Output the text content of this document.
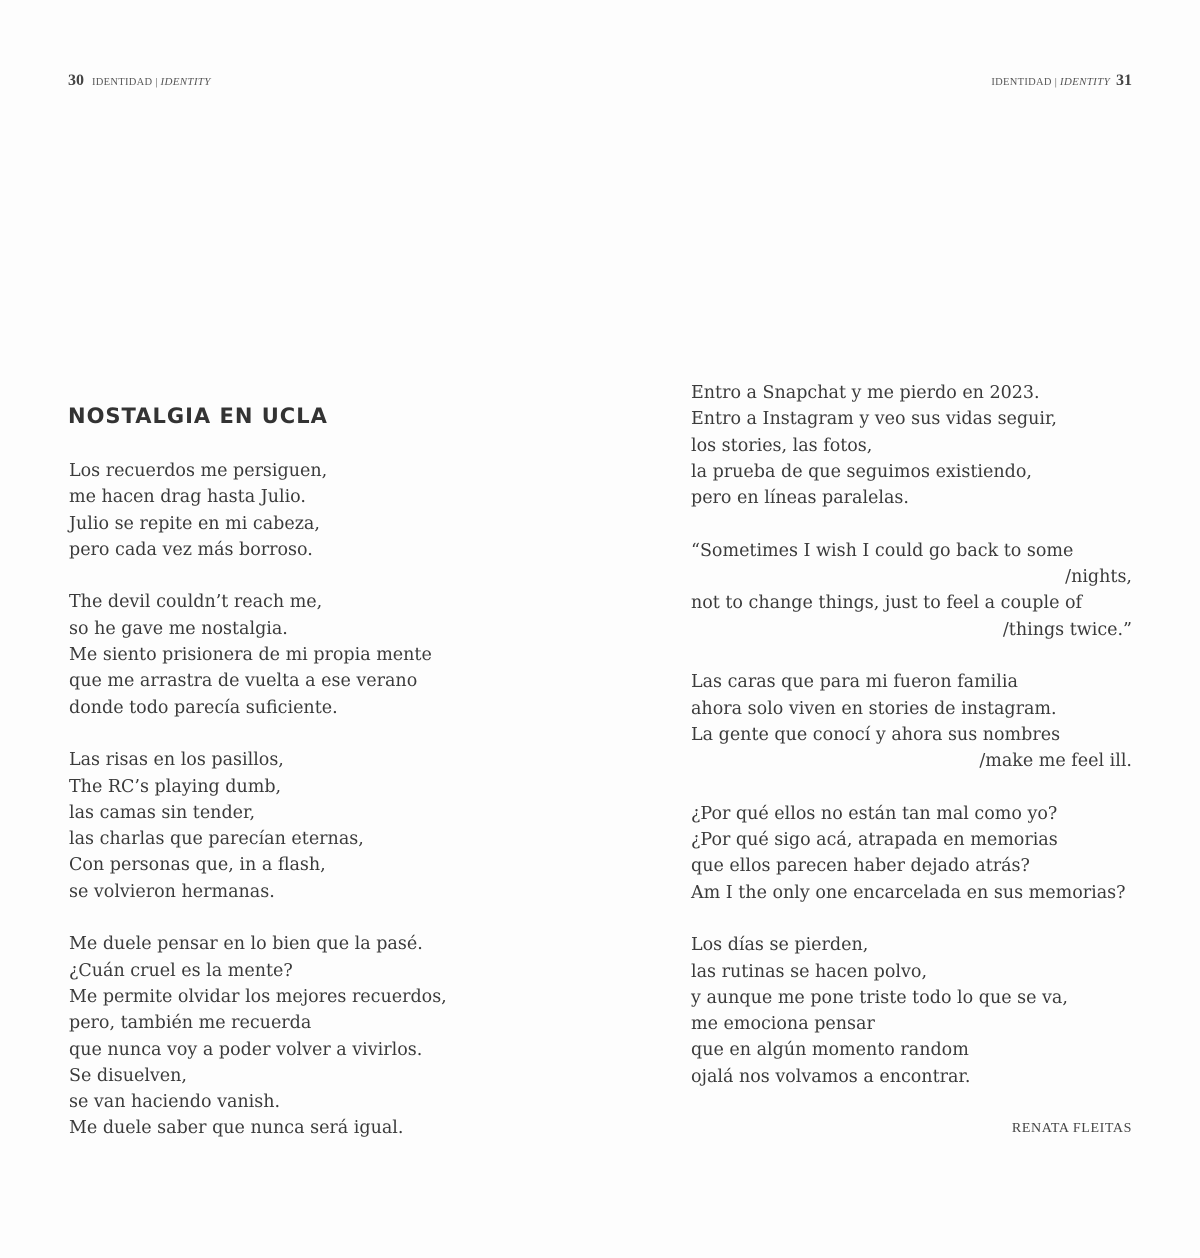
30 IDENTIDAD | IDENTITY	IDENTIDAD | IDENTITY 31
NOSTALGIA EN UCLA
Los recuerdos me persiguen,
me hacen drag hasta Julio.
Julio se repite en mi cabeza,
pero cada vez más borroso.
The devil couldn’t reach me,
so he gave me nostalgia.
Me siento prisionera de mi propia mente
que me arrastra de vuelta a ese verano
donde todo parecía suficiente.
Las risas en los pasillos,
The RC’s playing dumb,
las camas sin tender,
las charlas que parecían eternas,
Con personas que, in a flash,
se volvieron hermanas.
Me duele pensar en lo bien que la pasé.
¿Cuán cruel es la mente?
Me permite olvidar los mejores recuerdos,
pero, también me recuerda
que nunca voy a poder volver a vivirlos.
Se disuelven,
se van haciendo vanish.
Me duele saber que nunca será igual.
Entro a Snapchat y me pierdo en 2023.
Entro a Instagram y veo sus vidas seguir,
los stories, las fotos,
la prueba de que seguimos existiendo,
pero en líneas paralelas.
“Sometimes I wish I could go back to some
/nights,
not to change things, just to feel a couple of
/things twice.”
Las caras que para mi fueron familia
ahora solo viven en stories de instagram.
La gente que conocí y ahora sus nombres
/make me feel ill.
¿Por qué ellos no están tan mal como yo?
¿Por qué sigo acá, atrapada en memorias
que ellos parecen haber dejado atrás?
Am I the only one encarcelada en sus memorias?
Los días se pierden,
las rutinas se hacen polvo,
y aunque me pone triste todo lo que se va,
me emociona pensar
que en algún momento random
ojalá nos volvamos a encontrar.
RENATA FLEITAS
